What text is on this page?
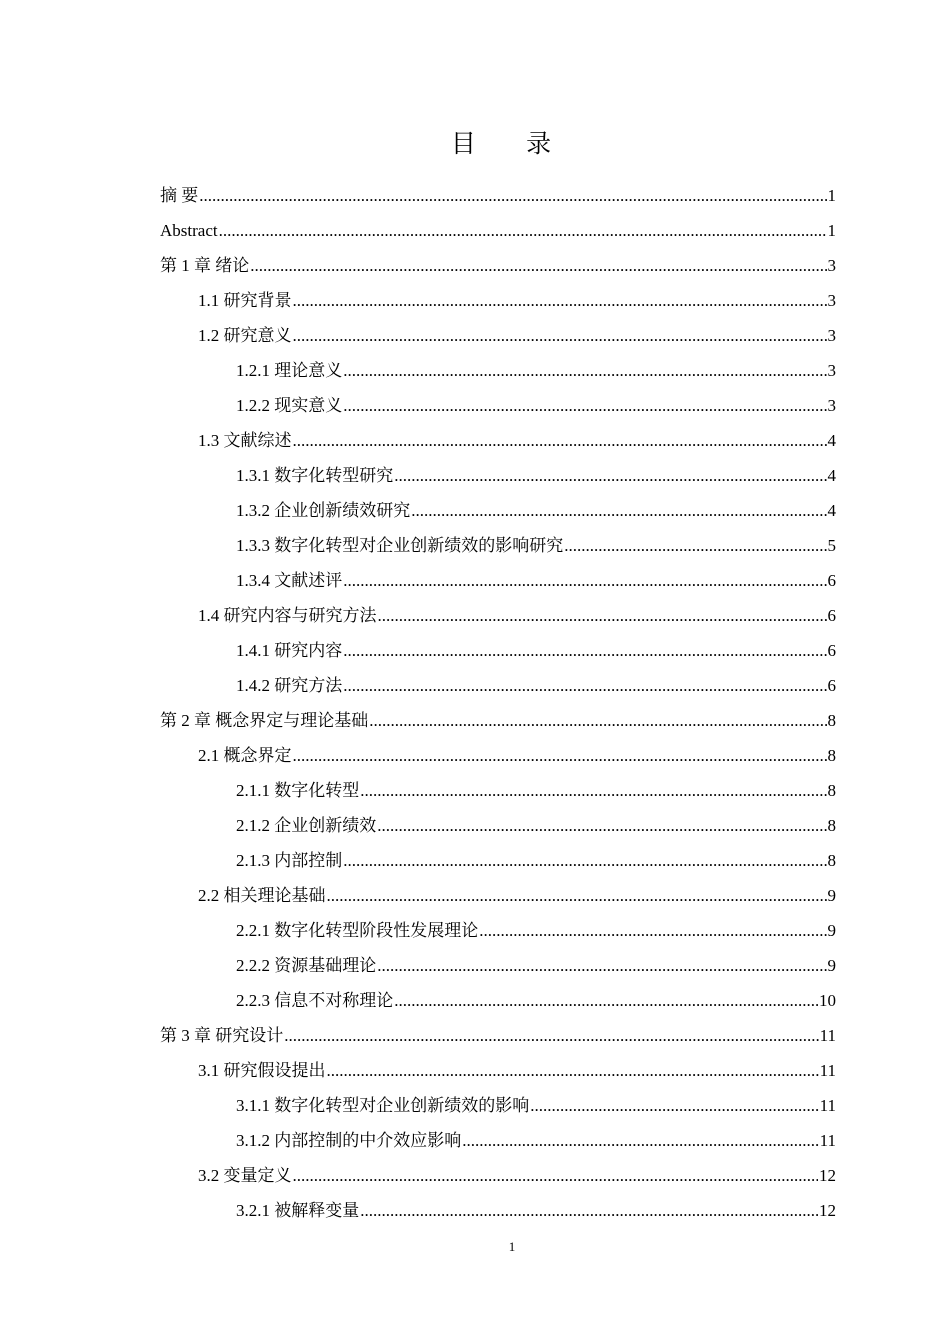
目 录
摘 要 .....	1
Abstract .....	1
第 1 章 绪论 .....	3
1.1 研究背景 .....	3
1.2 研究意义 .....	3
1.2.1 理论意义 .....	3
1.2.2 现实意义 .....	3
1.3 文献综述 .....	4
1.3.1 数字化转型研究 .....	4
1.3.2 企业创新绩效研究 .....	4
1.3.3 数字化转型对企业创新绩效的影响研究 .....	5
1.3.4 文献述评 .....	6
1.4 研究内容与研究方法 .....	6
1.4.1 研究内容 .....	6
1.4.2 研究方法 .....	6
第 2 章 概念界定与理论基础 .....	8
2.1 概念界定 .....	8
2.1.1 数字化转型 .....	8
2.1.2 企业创新绩效 .....	8
2.1.3 内部控制 .....	8
2.2 相关理论基础 .....	9
2.2.1 数字化转型阶段性发展理论 .....	9
2.2.2 资源基础理论 .....	9
2.2.3 信息不对称理论 .....	10
第 3 章 研究设计 .....	11
3.1 研究假设提出 .....	11
3.1.1 数字化转型对企业创新绩效的影响 .....	11
3.1.2 内部控制的中介效应影响 .....	11
3.2 变量定义 .....	12
3.2.1 被解释变量 .....	12
1
